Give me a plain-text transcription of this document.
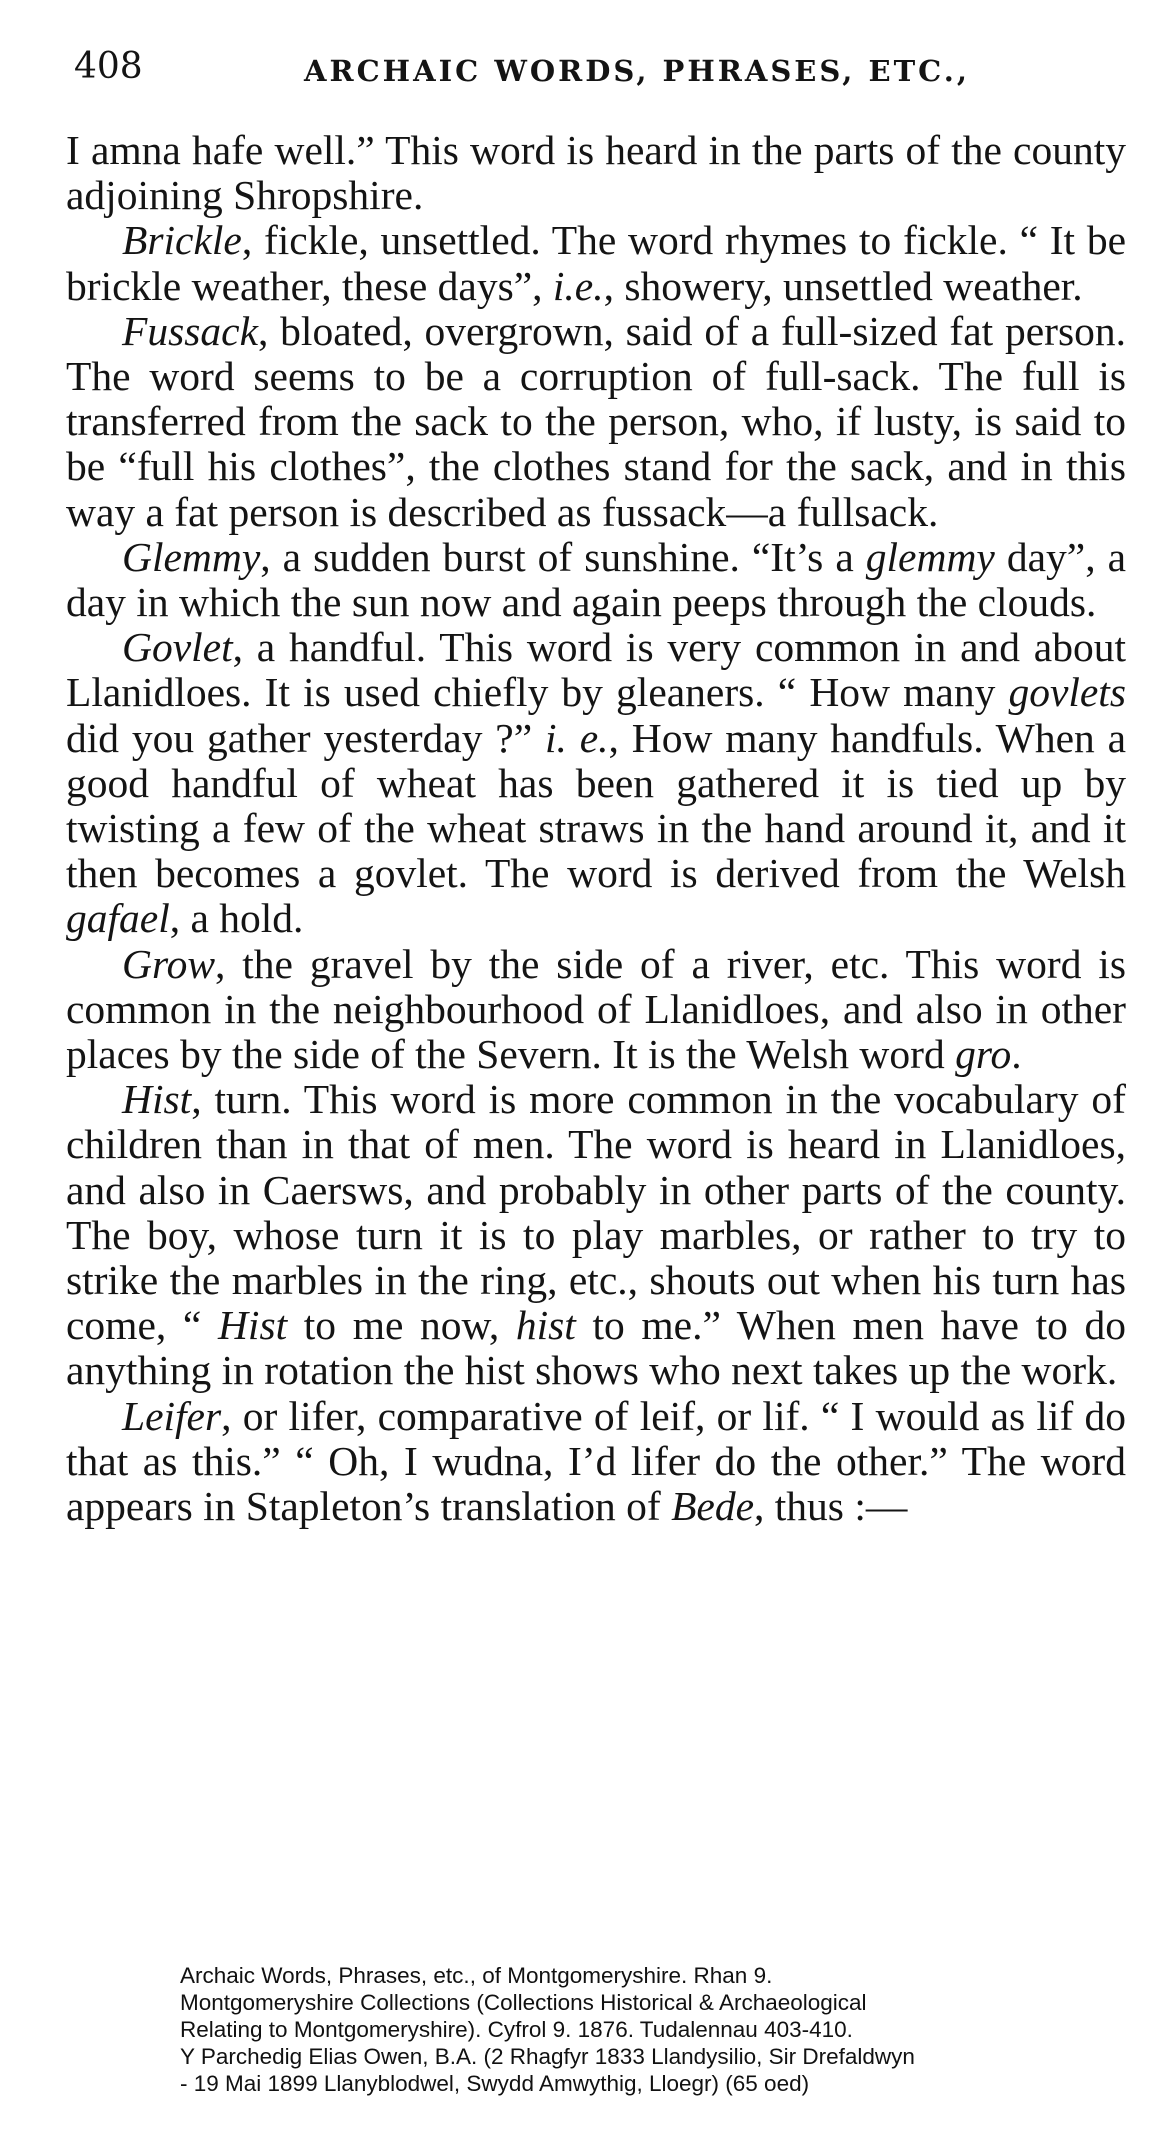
408	ARCHAIC WORDS, PHRASES, ETC.,

I amna hafe well.” This word is heard in the parts of the county adjoining Shropshire.

Brickle, fickle, unsettled. The word rhymes to fickle. “ It be brickle weather, these days”, i.e., showery, unsettled weather.

Fussack, bloated, overgrown, said of a full-sized fat person. The word seems to be a corruption of full-sack. The full is transferred from the sack to the person, who, if lusty, is said to be “full his clothes”, the clothes stand for the sack, and in this way a fat person is described as fussack—a fullsack.

Glemmy, a sudden burst of sunshine. “It’s a glemmy day”, a day in which the sun now and again peeps through the clouds.

Govlet, a handful. This word is very common in and about Llanidloes. It is used chiefly by gleaners. “ How many govlets did you gather yesterday ?” i. e., How many handfuls. When a good handful of wheat has been gathered it is tied up by twisting a few of the wheat straws in the hand around it, and it then becomes a govlet. The word is derived from the Welsh gafael, a hold.

Grow, the gravel by the side of a river, etc. This word is common in the neighbourhood of Llanidloes, and also in other places by the side of the Severn. It is the Welsh word gro.

Hist, turn. This word is more common in the vocabulary of children than in that of men. The word is heard in Llanidloes, and also in Caersws, and probably in other parts of the county. The boy, whose turn it is to play marbles, or rather to try to strike the marbles in the ring, etc., shouts out when his turn has come, “ Hist to me now, hist to me.” When men have to do anything in rotation the hist shows who next takes up the work.

Leifer, or lifer, comparative of leif, or lif. “ I would as lif do that as this.” “ Oh, I wudna, I’d lifer do the other.” The word appears in Stapleton’s translation of Bede, thus :—

Archaic Words, Phrases, etc., of Montgomeryshire. Rhan 9.
Montgomeryshire Collections (Collections Historical & Archaeological
Relating to Montgomeryshire). Cyfrol 9. 1876. Tudalennau 403-410.
Y Parchedig Elias Owen, B.A. (2 Rhagfyr 1833 Llandysilio, Sir Drefaldwyn
- 19 Mai 1899 Llanyblodwel, Swydd Amwythig, Lloegr) (65 oed)
